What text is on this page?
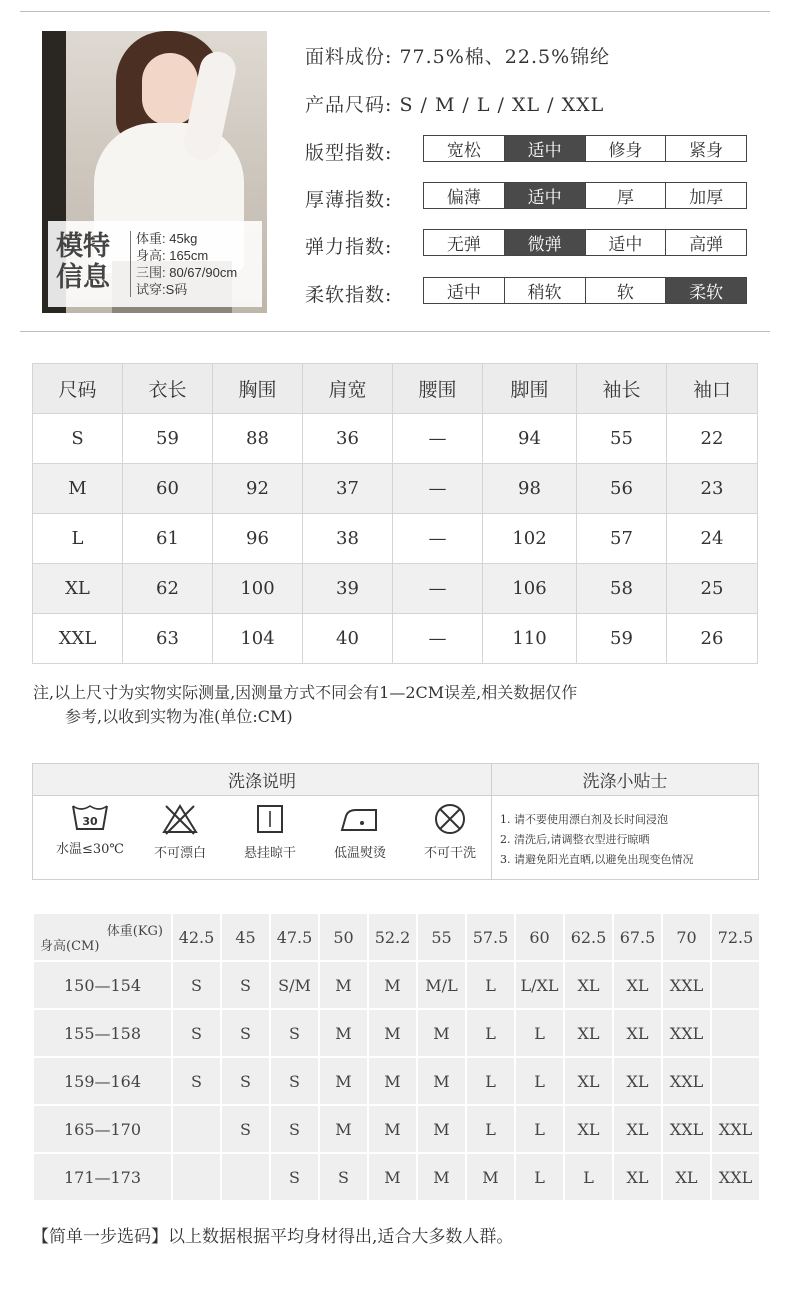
模特
信息
体重: 45kg
身高: 165cm
三围: 80/67/90cm
试穿:S码
面料成份: 77.5%棉、22.5%锦纶
产品尺码: S / M / L / XL / XXL
版型指数:	宽松	适中	修身	紧身
厚薄指数:	偏薄	适中	厚	加厚
弹力指数:	无弹	微弹	适中	高弹
柔软指数:	适中	稍软	软	柔软
尺码	衣长	胸围	肩宽	腰围	脚围	袖长	袖口
S	59	88	36	—	94	55	22
M	60	92	37	—	98	56	23
L	61	96	38	—	102	57	24
XL	62	100	39	—	106	58	25
XXL	63	104	40	—	110	59	26
注,以上尺寸为实物实际测量,因测量方式不同会有1—2CM误差,相关数据仅作
参考,以收到实物为准(单位:CM)
洗涤说明	洗涤小贴士
30
水温≤30℃	不可漂白	悬挂晾干	低温熨烫	不可干洗
1. 请不要使用漂白剂及长时间浸泡
2. 清洗后,请调整衣型进行晾晒
3. 请避免阳光直晒,以避免出现变色情况
体重(KG)
身高(CM)	42.5	45	47.5	50	52.2	55	57.5	60	62.5	67.5	70	72.5
150—154	S	S	S/M	M	M	M/L	L	L/XL	XL	XL	XXL	
155—158	S	S	S	M	M	M	L	L	XL	XL	XXL	
159—164	S	S	S	M	M	M	L	L	XL	XL	XXL	
165—170		S	S	M	M	M	L	L	XL	XL	XXL	XXL
171—173			S	S	M	M	M	L	L	XL	XL	XXL
【简单一步选码】以上数据根据平均身材得出,适合大多数人群。
